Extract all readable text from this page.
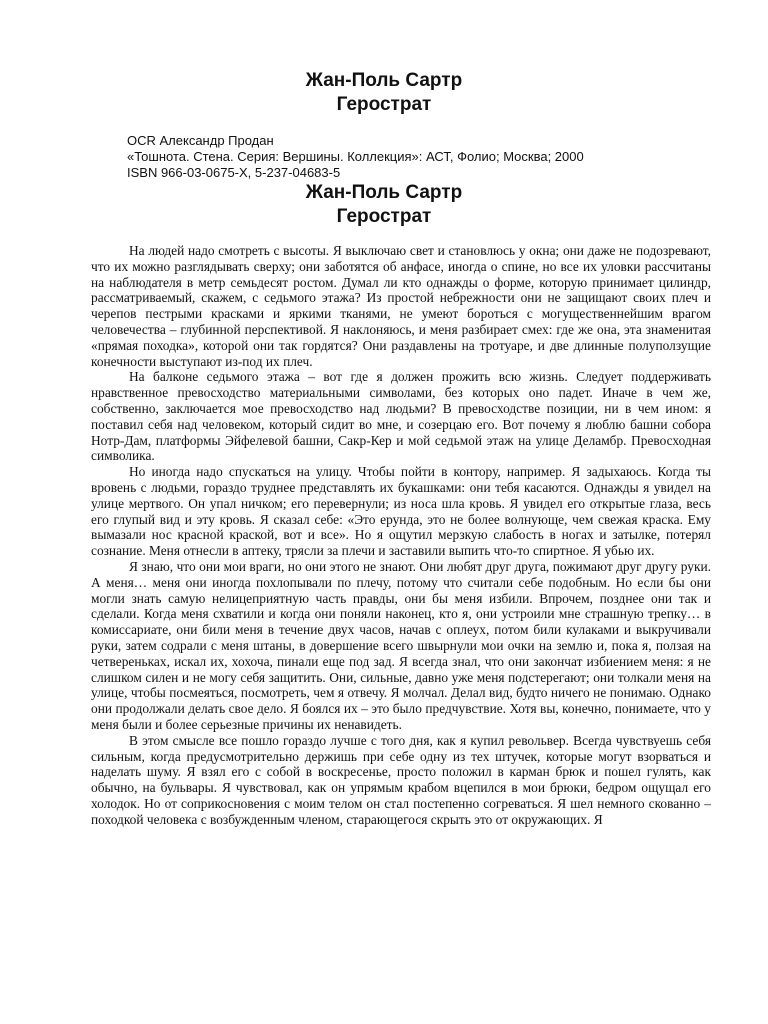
Жан-Поль Сартр
Герострат
OCR Александр Продан
«Тошнота. Стена. Серия: Вершины. Коллекция»: АСТ, Фолио; Москва; 2000
ISBN 966-03-0675-X, 5-237-04683-5
Жан-Поль Сартр
Герострат

На людей надо смотреть с высоты. Я выключаю свет и становлюсь у окна; они даже не подозревают, что их можно разглядывать сверху; они заботятся об анфасе, иногда о спине, но все их уловки рассчитаны на наблюдателя в метр семьдесят ростом. Думал ли кто однажды о форме, которую принимает цилиндр, рассматриваемый, скажем, с седьмого этажа? Из простой небрежности они не защищают своих плеч и черепов пестрыми красками и яркими тканями, не умеют бороться с могущественнейшим врагом человечества – глубинной перспективой. Я наклоняюсь, и меня разбирает смех: где же она, эта знаменитая «прямая походка», которой они так гордятся? Они раздавлены на тротуаре, и две длинные полуползущие конечности выступают из-под их плеч.

На балконе седьмого этажа – вот где я должен прожить всю жизнь. Следует поддерживать нравственное превосходство материальными символами, без которых оно падет. Иначе в чем же, собственно, заключается мое превосходство над людьми? В превосходстве позиции, ни в чем ином: я поставил себя над человеком, который сидит во мне, и созерцаю его. Вот почему я люблю башни собора Нотр-Дам, платформы Эйфелевой башни, Сакр-Кер и мой седьмой этаж на улице Деламбр. Превосходная символика.

Но иногда надо спускаться на улицу. Чтобы пойти в контору, например. Я задыхаюсь. Когда ты вровень с людьми, гораздо труднее представлять их букашками: они тебя касаются. Однажды я увидел на улице мертвого. Он упал ничком; его перевернули; из носа шла кровь. Я увидел его открытые глаза, весь его глупый вид и эту кровь. Я сказал себе: «Это ерунда, это не более волнующе, чем свежая краска. Ему вымазали нос красной краской, вот и все». Но я ощутил мерзкую слабость в ногах и затылке, потерял сознание. Меня отнесли в аптеку, трясли за плечи и заставили выпить что-то спиртное. Я убью их.

Я знаю, что они мои враги, но они этого не знают. Они любят друг друга, пожимают друг другу руки. А меня… меня они иногда похлопывали по плечу, потому что считали себе подобным. Но если бы они могли знать самую нелицеприятную часть правды, они бы меня избили. Впрочем, позднее они так и сделали. Когда меня схватили и когда они поняли наконец, кто я, они устроили мне страшную трепку… в комиссариате, они били меня в течение двух часов, начав с оплеух, потом били кулаками и выкручивали руки, затем содрали с меня штаны, в довершение всего швырнули мои очки на землю и, пока я, ползая на четвереньках, искал их, хохоча, пинали еще под зад. Я всегда знал, что они закончат избиением меня: я не слишком силен и не могу себя защитить. Они, сильные, давно уже меня подстерегают; они толкали меня на улице, чтобы посмеяться, посмотреть, чем я отвечу. Я молчал. Делал вид, будто ничего не понимаю. Однако они продолжали делать свое дело. Я боялся их – это было предчувствие. Хотя вы, конечно, понимаете, что у меня были и более серьезные причины их ненавидеть.

В этом смысле все пошло гораздо лучше с того дня, как я купил револьвер. Всегда чувствуешь себя сильным, когда предусмотрительно держишь при себе одну из тех штучек, которые могут взорваться и наделать шуму. Я взял его с собой в воскресенье, просто положил в карман брюк и пошел гулять, как обычно, на бульвары. Я чувствовал, как он упрямым крабом вцепился в мои брюки, бедром ощущал его холодок. Но от соприкосновения с моим телом он стал постепенно согреваться. Я шел немного скованно – походкой человека с возбужденным членом, старающегося скрыть это от окружающих. Я
